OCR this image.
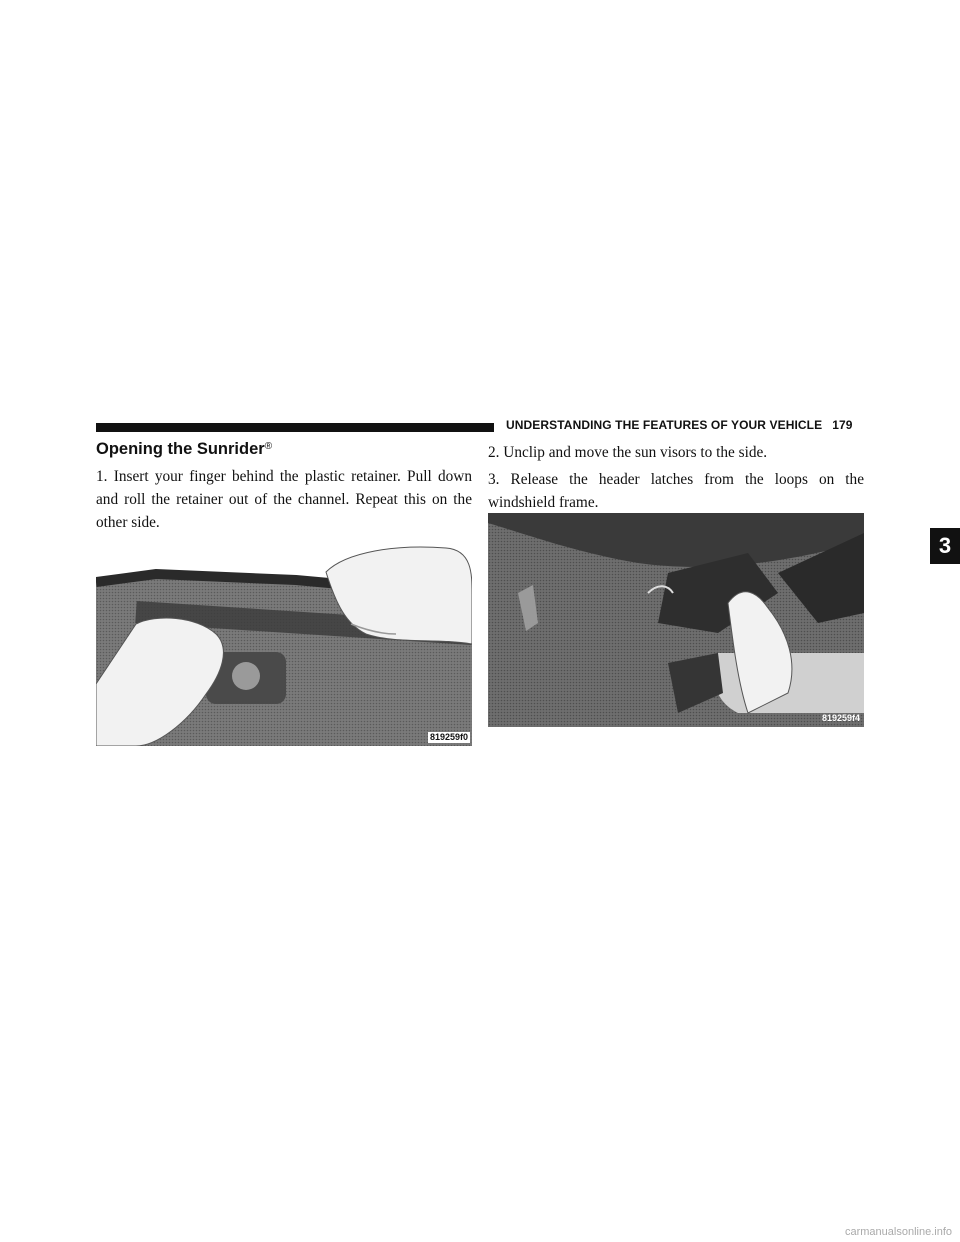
UNDERSTANDING THE FEATURES OF YOUR VEHICLE 179
3
Opening the Sunrider®

1. Insert your finger behind the plastic retainer. Pull down and roll the retainer out of the channel. Repeat this on the other side.

819259f0

2. Unclip and move the sun visors to the side.

3. Release the header latches from the loops on the windshield frame.

819259f4
carmanualsonline.info
